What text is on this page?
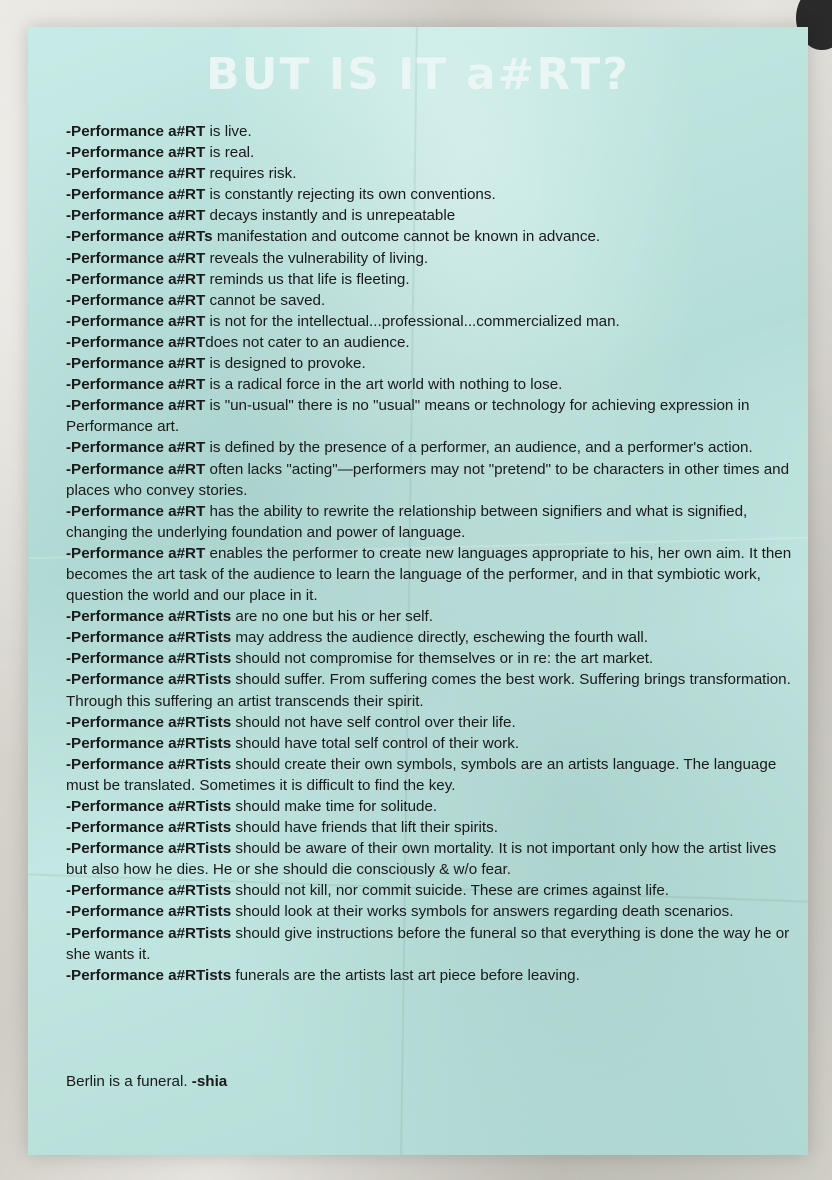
BUT IS IT a#RT?
-Performance a#RT is live.
-Performance a#RT is real.
-Performance a#RT requires risk.
-Performance a#RT is constantly rejecting its own conventions.
-Performance a#RT decays instantly and is unrepeatable
-Performance a#RTs manifestation and outcome cannot be known in advance.
-Performance a#RT reveals the vulnerability of living.
-Performance a#RT reminds us that life is fleeting.
-Performance a#RT cannot be saved.
-Performance a#RT is not for the intellectual...professional...commercialized man.
-Performance a#RTdoes not cater to an audience.
-Performance a#RT is designed to provoke.
-Performance a#RT is a radical force in the art world with nothing to lose.
-Performance a#RT is "un-usual" there is no "usual" means or technology for achieving expression in Performance art.
-Performance a#RT is defined by the presence of a performer, an audience, and a performer's action.
-Performance a#RT often lacks "acting"—performers may not "pretend" to be characters in other times and places who convey stories.
-Performance a#RT has the ability to rewrite the relationship between signifiers and what is signified, changing the underlying foundation and power of language.
-Performance a#RT enables the performer to create new languages appropriate to his, her own aim. It then becomes the art task of the audience to learn the language of the performer, and in that symbiotic work, question the world and our place in it.
-Performance a#RTists are no one but his or her self.
-Performance a#RTists may address the audience directly, eschewing the fourth wall.
-Performance a#RTists should not compromise for themselves or in re: the art market.
-Performance a#RTists should suffer. From suffering comes the best work. Suffering brings transformation. Through this suffering an artist transcends their spirit.
-Performance a#RTists should not have self control over their life.
-Performance a#RTists should have total self control of their work.
-Performance a#RTists should create their own symbols, symbols are an artists language. The language must be translated. Sometimes it is difficult to find the key.
-Performance a#RTists should make time for solitude.
-Performance a#RTists should have friends that lift their spirits.
-Performance a#RTists should be aware of their own mortality. It is not important only how the artist lives but also how he dies. He or she should die consciously & w/o fear.
-Performance a#RTists should not kill, nor commit suicide. These are crimes against life.
-Performance a#RTists should look at their works symbols for answers regarding death scenarios.
-Performance a#RTists should give instructions before the funeral so that everything is done the way he or she wants it.
-Performance a#RTists funerals are the artists last art piece before leaving.

Berlin is a funeral. -shia
